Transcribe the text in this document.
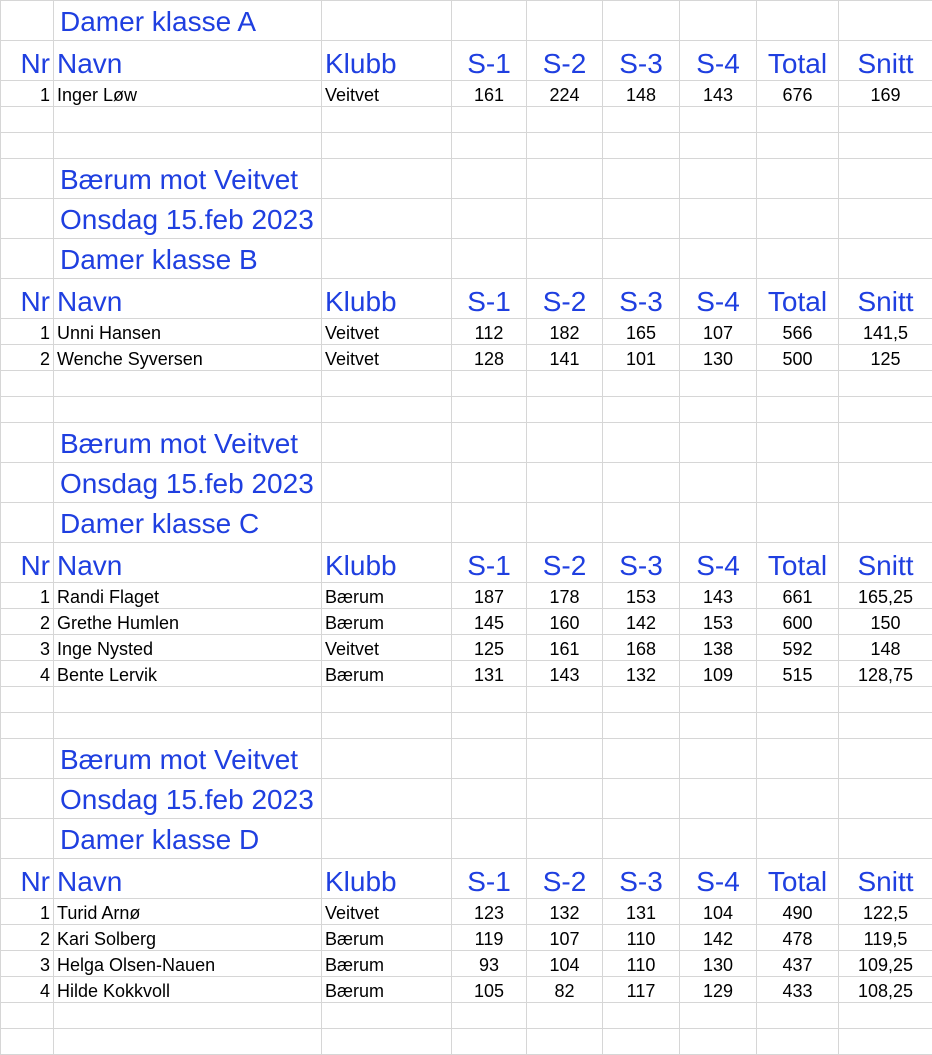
	Damer klasse A							

Nr	Navn	Klubb	S-1	S-2	S-3	S-4	Total	Snitt
1	Inger Løw	Veitvet	161	224	148	143	676	169

	Bærum mot Veitvet							

	Onsdag 15.feb 2023							

	Damer klasse B							

Nr	Navn	Klubb	S-1	S-2	S-3	S-4	Total	Snitt
1	Unni Hansen	Veitvet	112	182	165	107	566	141,5
2	Wenche Syversen	Veitvet	128	141	101	130	500	125

	Bærum mot Veitvet							

	Onsdag 15.feb 2023							

	Damer klasse C							

Nr	Navn	Klubb	S-1	S-2	S-3	S-4	Total	Snitt
1	Randi Flaget	Bærum	187	178	153	143	661	165,25
2	Grethe Humlen	Bærum	145	160	142	153	600	150
3	Inge Nysted	Veitvet	125	161	168	138	592	148
4	Bente Lervik	Bærum	131	143	132	109	515	128,75

	Bærum mot Veitvet							

	Onsdag 15.feb 2023							

	Damer klasse D							

Nr	Navn	Klubb	S-1	S-2	S-3	S-4	Total	Snitt
1	Turid Arnø	Veitvet	123	132	131	104	490	122,5
2	Kari Solberg	Bærum	119	107	110	142	478	119,5
3	Helga Olsen-Nauen	Bærum	93	104	110	130	437	109,25
4	Hilde Kokkvoll	Bærum	105	82	117	129	433	108,25
